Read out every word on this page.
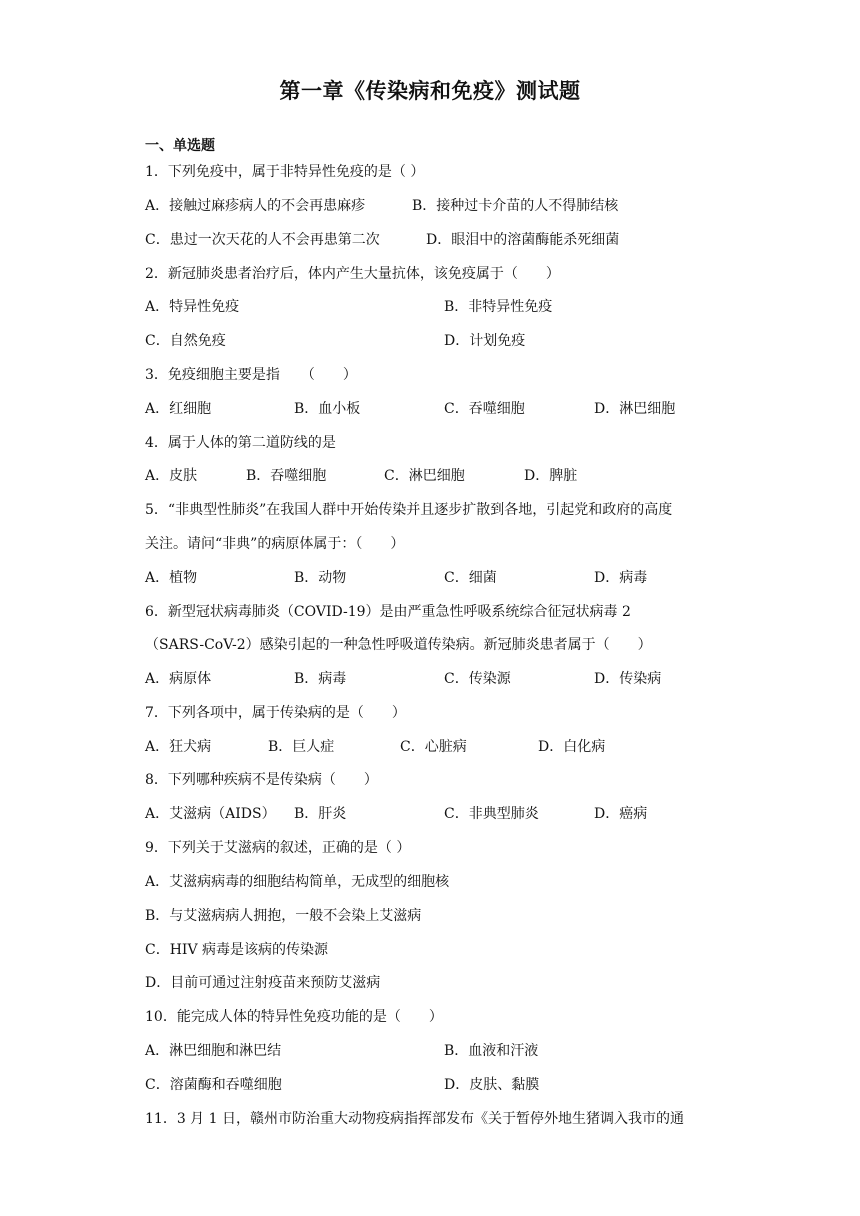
第一章《传染病和免疫》测试题
一、单选题
1．下列免疫中，属于非特异性免疫的是（ ）
A．接触过麻疹病人的不会再患麻疹	B．接种过卡介苗的人不得肺结核
C．患过一次天花的人不会再患第二次	D．眼泪中的溶菌酶能杀死细菌
2．新冠肺炎患者治疗后，体内产生大量抗体，该免疫属于（　　）
A．特异性免疫	B．非特异性免疫
C．自然免疫	D．计划免疫
3．免疫细胞主要是指　　（　　）
A．红细胞	B．血小板	C．吞噬细胞	D．淋巴细胞
4．属于人体的第二道防线的是
A．皮肤	B．吞噬细胞	C．淋巴细胞	D．脾脏
5．“非典型性肺炎”在我国人群中开始传染并且逐步扩散到各地，引起党和政府的高度
关注。请问“非典”的病原体属于：（　　）
A．植物	B．动物	C．细菌	D．病毒
6．新型冠状病毒肺炎（COVID-19）是由严重急性呼吸系统综合征冠状病毒 2
（SARS-CoV-2）感染引起的一种急性呼吸道传染病。新冠肺炎患者属于（　　）
A．病原体	B．病毒	C．传染源	D．传染病
7．下列各项中，属于传染病的是（　　）
A．狂犬病	B．巨人症	C．心脏病	D．白化病
8．下列哪种疾病不是传染病（　　）
A．艾滋病（AIDS） B．肝炎	C．非典型肺炎	D．癌病
9．下列关于艾滋病的叙述，正确的是（ ）
A．艾滋病病毒的细胞结构简单，无成型的细胞核
B．与艾滋病病人拥抱，一般不会染上艾滋病
C．HIV 病毒是该病的传染源
D．目前可通过注射疫苗来预防艾滋病
10．能完成人体的特异性免疫功能的是（　　）
A．淋巴细胞和淋巴结	B．血液和汗液
C．溶菌酶和吞噬细胞	D．皮肤、黏膜
11．3 月 1 日，赣州市防治重大动物疫病指挥部发布《关于暂停外地生猪调入我市的通
